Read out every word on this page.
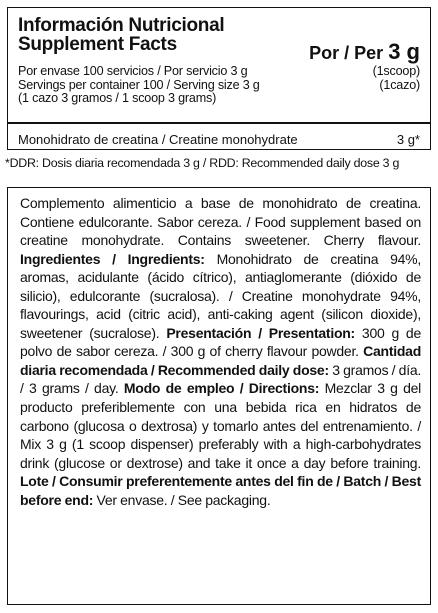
Información Nutricional
Supplement Facts	Por / Per 3 g
Por envase 100 servicios / Por servicio 3 g	(1scoop)
Servings per container 100 / Serving size 3 g	(1cazo)
(1 cazo 3 gramos / 1 scoop 3 grams)
Monohidrato de creatina / Creatine monohydrate	3 g*
*DDR: Dosis diaria recomendada 3 g / RDD: Recommended daily dose 3 g
Complemento alimenticio a base de monohidrato de creatina. Contiene edulcorante. Sabor cereza. / Food supplement based on creatine monohydrate. Contains sweetener. Cherry flavour. Ingredientes / Ingredients: Monohidrato de creatina 94%, aromas, acidulante (ácido cítrico), antiaglomerante (dióxido de silicio), edulcorante (sucralosa). / Creatine monohydrate 94%, flavourings, acid (citric acid), anti-caking agent (silicon dioxide), sweetener (sucralose). Presentación / Presentation: 300 g de polvo de sabor cereza. / 300 g of cherry flavour powder. Cantidad diaria recomendada / Recommended daily dose: 3 gramos / día. / 3 grams / day. Modo de empleo / Directions: Mezclar 3 g del producto preferiblemente con una bebida rica en hidratos de carbono (glucosa o dextrosa) y tomarlo antes del entrenamiento. / Mix 3 g (1 scoop dispenser) preferably with a high-carbohydrates drink (glucose or dextrose) and take it once a day before training. Lote / Consumir preferentemente antes del fin de / Batch / Best before end: Ver envase. / See packaging.
